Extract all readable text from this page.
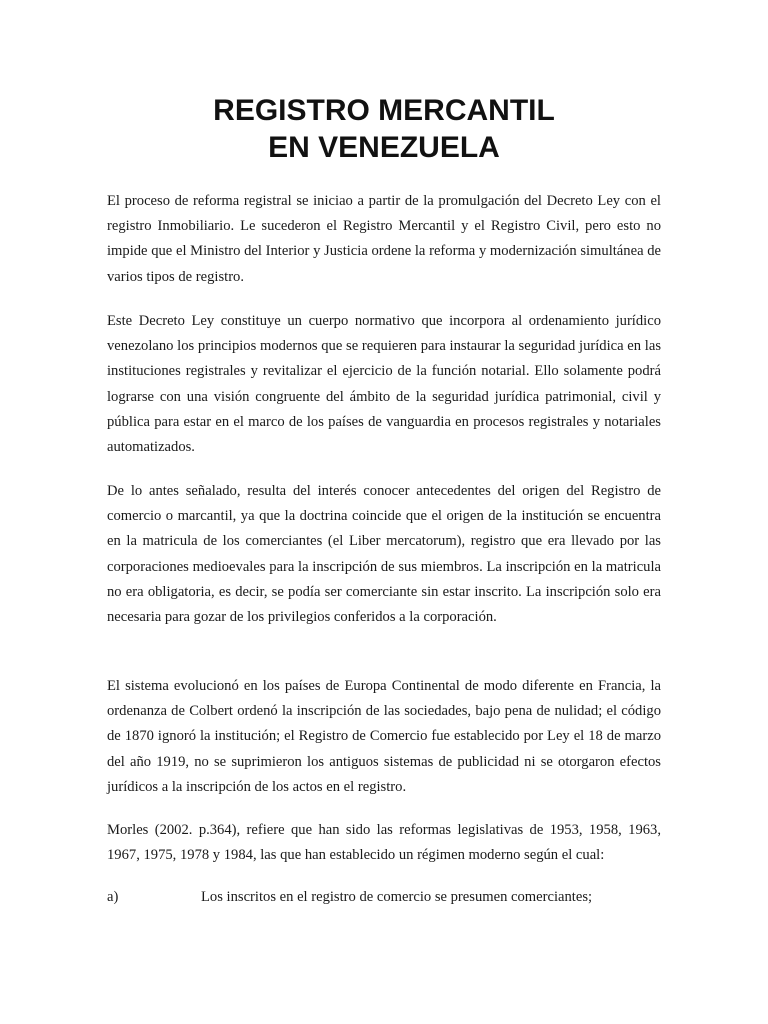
REGISTRO MERCANTIL
EN VENEZUELA

El proceso de reforma registral se iniciao a partir de la promulgación del Decreto Ley con el registro Inmobiliario. Le sucederon el Registro Mercantil y el Registro Civil, pero esto no impide que el Ministro del Interior y Justicia ordene la reforma y modernización simultánea de varios tipos de registro.

Este Decreto Ley constituye un cuerpo normativo que incorpora al ordenamiento jurídico venezolano los principios modernos que se requieren para instaurar la seguridad jurídica en las instituciones registrales y revitalizar el ejercicio de la función notarial. Ello solamente podrá lograrse con una visión congruente del ámbito de la seguridad jurídica patrimonial, civil y pública para estar en el marco de los países de vanguardia en procesos registrales y notariales automatizados.

De lo antes señalado, resulta del interés conocer antecedentes del origen del Registro de comercio o marcantil, ya que la doctrina coincide que el origen de la institución se encuentra en la matricula de los comerciantes (el Liber mercatorum), registro que era llevado por las corporaciones medioevales para la inscripción de sus miembros. La inscripción en la matricula no era obligatoria, es decir, se podía ser comerciante sin estar inscrito. La inscripción solo era necesaria para gozar de los privilegios conferidos a la corporación.

El sistema evolucionó en los países de Europa Continental de modo diferente en Francia, la ordenanza de Colbert ordenó la inscripción de las sociedades, bajo pena de nulidad; el código de 1870 ignoró la institución; el Registro de Comercio fue establecido por Ley el 18 de marzo del año 1919, no se suprimieron los antiguos sistemas de publicidad ni se otorgaron efectos jurídicos a la inscripción de los actos en el registro.

Morles (2002. p.364), refiere que han sido las reformas legislativas de 1953, 1958, 1963, 1967, 1975, 1978 y 1984, las que han establecido un régimen moderno según el cual:

a)	Los inscritos en el registro de comercio se presumen comerciantes;
